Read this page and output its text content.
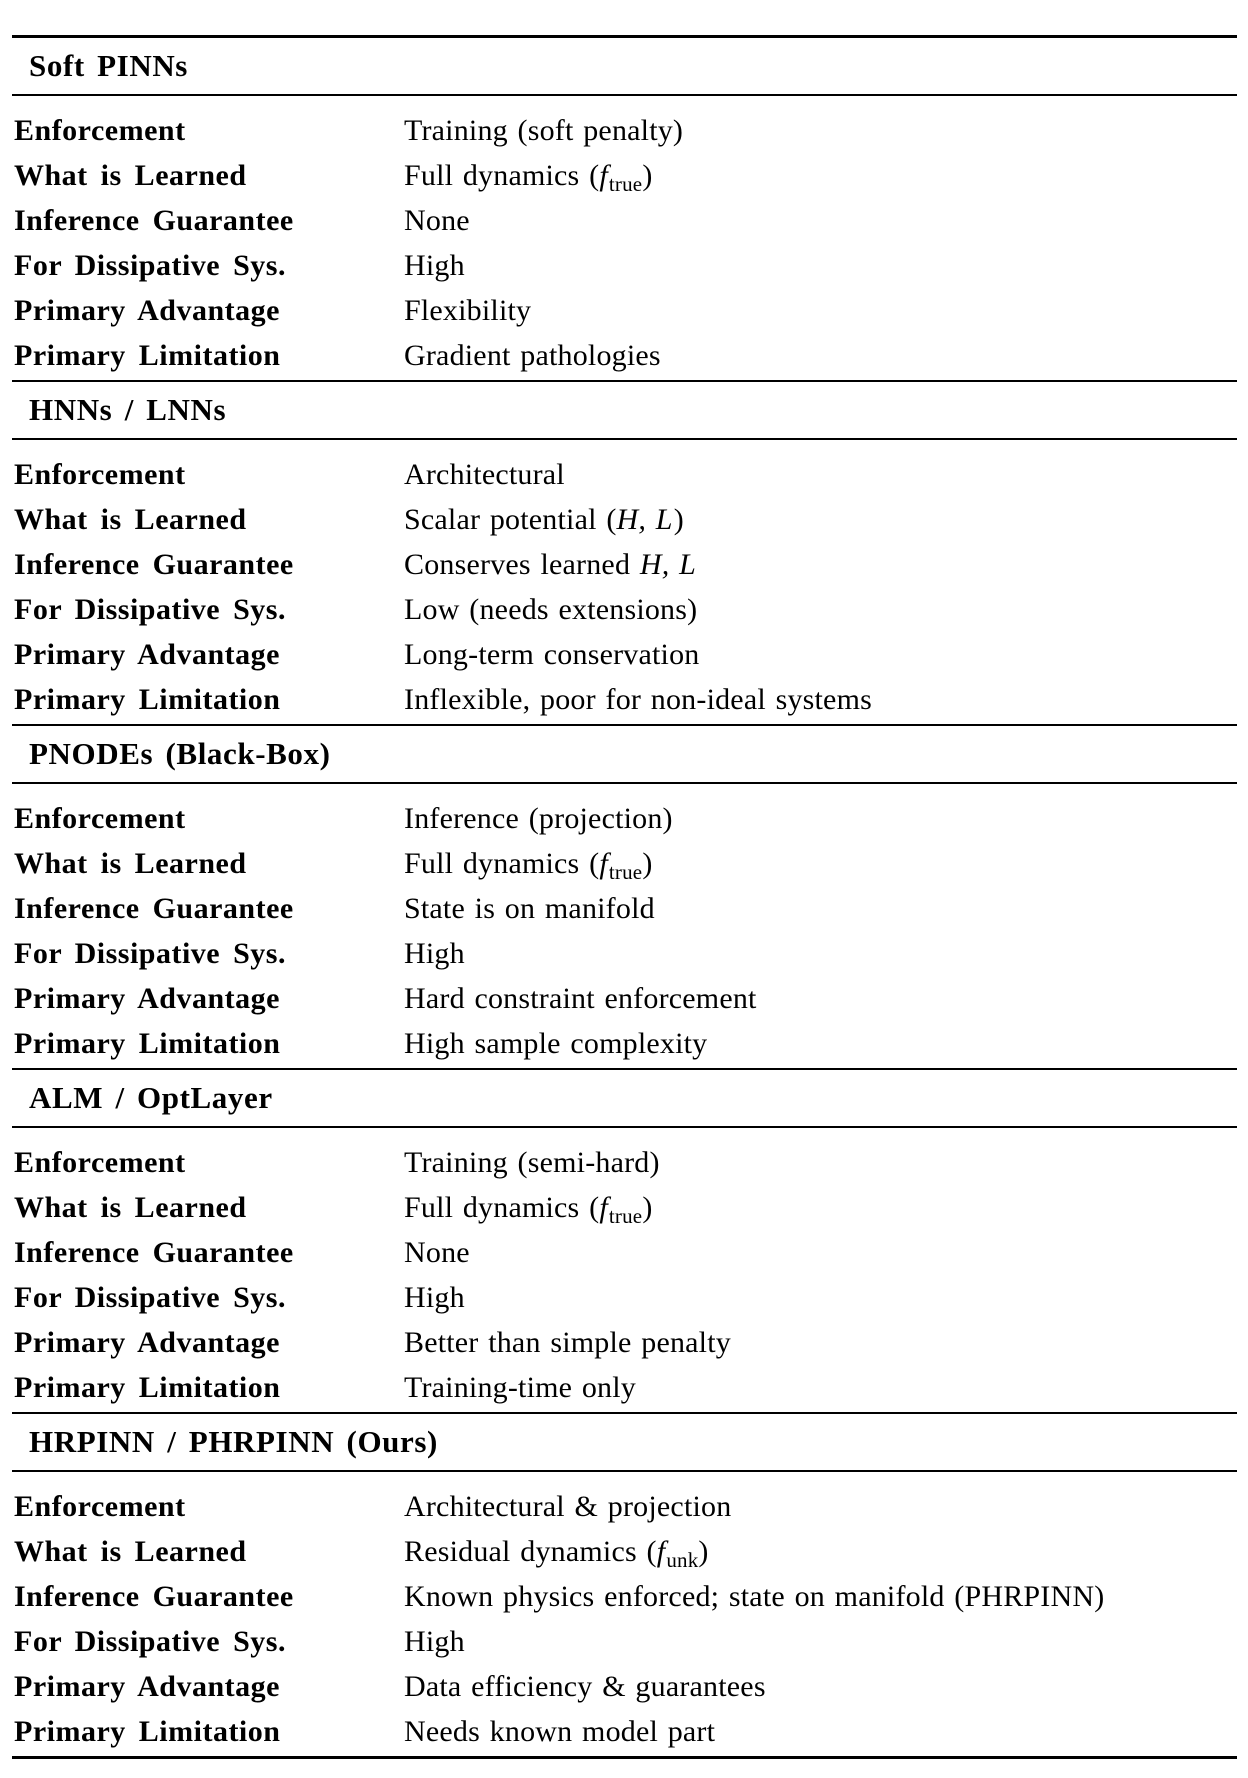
Soft PINNs
Enforcement	Training (soft penalty)
What is Learned	Full dynamics $(f_{true})$
Inference Guarantee	None
For Dissipative Sys.	High
Primary Advantage	Flexibility
Primary Limitation	Gradient pathologies
HNNs / LNNs
Enforcement	Architectural
What is Learned	Scalar potential (H, L)
Inference Guarantee	Conserves learned H, L
For Dissipative Sys.	Low (needs extensions)
Primary Advantage	Long-term conservation
Primary Limitation	Inflexible, poor for non-ideal systems
PNODEs (Black-Box)
Enforcement	Inference (projection)
What is Learned	Full dynamics $(f_{true})$
Inference Guarantee	State is on manifold
For Dissipative Sys.	High
Primary Advantage	Hard constraint enforcement
Primary Limitation	High sample complexity
ALM / OptLayer
Enforcement	Training (semi-hard)
What is Learned	Full dynamics $(f_{true})$
Inference Guarantee	None
For Dissipative Sys.	High
Primary Advantage	Better than simple penalty
Primary Limitation	Training-time only
HRPINN / PHRPINN (Ours)
Enforcement	Architectural & projection
What is Learned	Residual dynamics $(f_{unk})$
Inference Guarantee	Known physics enforced; state on manifold (PHRPINN)
For Dissipative Sys.	High
Primary Advantage	Data efficiency & guarantees
Primary Limitation	Needs known model part
